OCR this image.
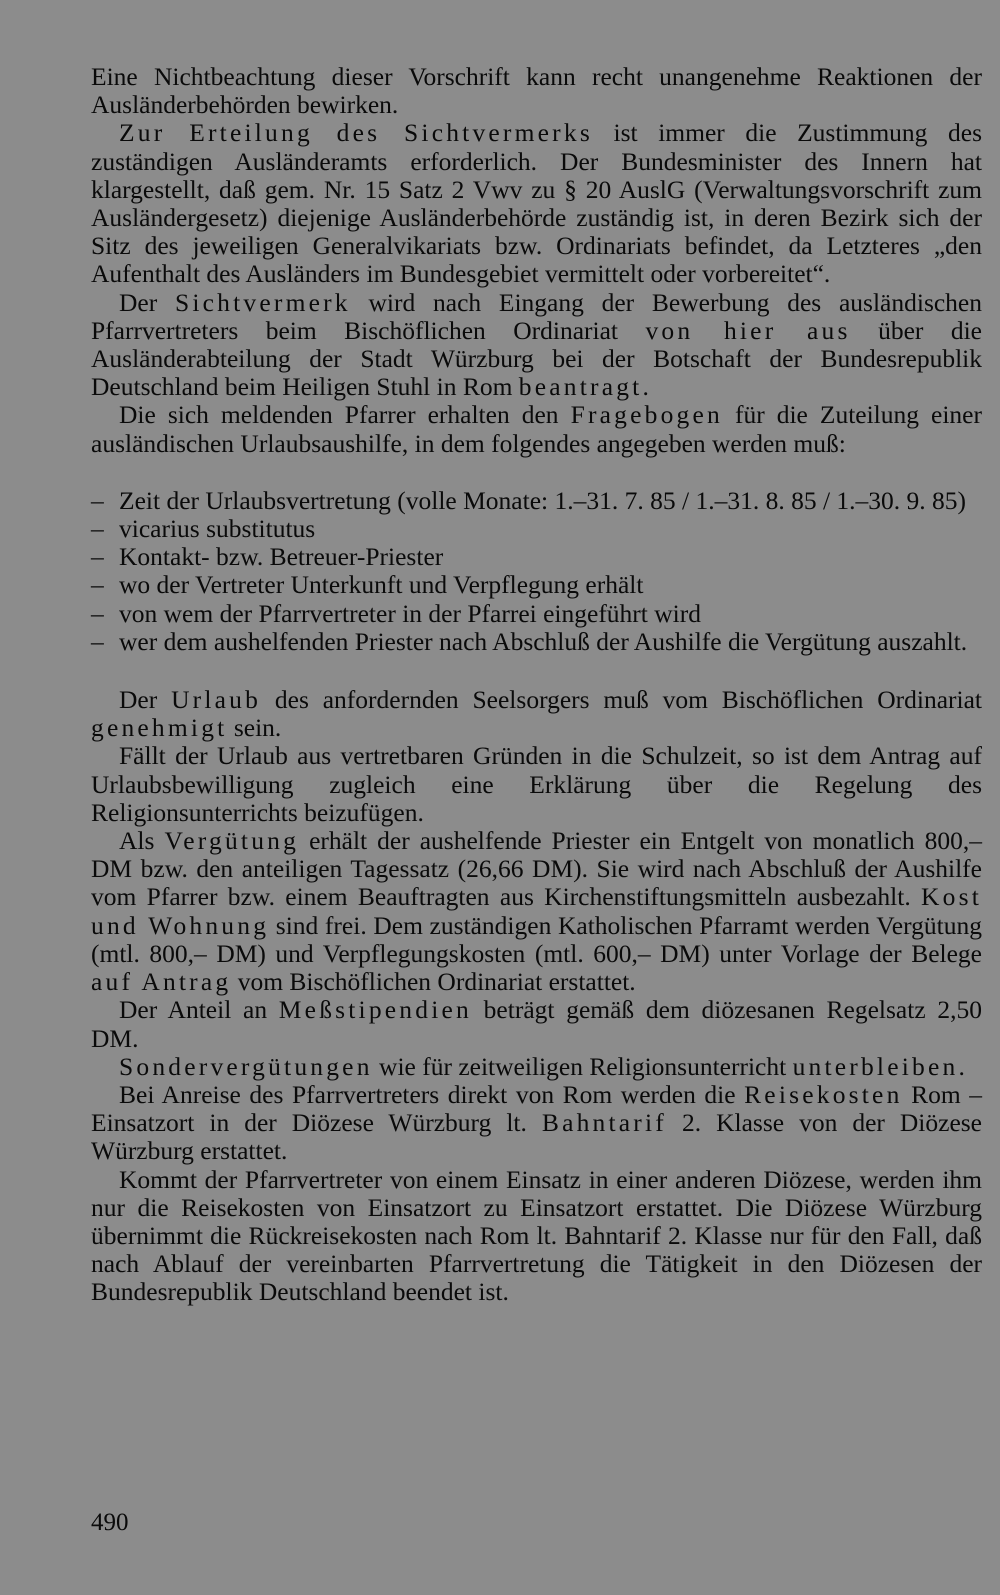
Eine Nichtbeachtung dieser Vorschrift kann recht unangenehme Reaktionen der Ausländerbehörden bewirken.

Zur Erteilung des Sichtvermerks ist immer die Zustimmung des zuständigen Ausländeramts erforderlich. Der Bundesminister des Innern hat klargestellt, daß gem. Nr. 15 Satz 2 Vwv zu § 20 AuslG (Verwaltungsvorschrift zum Ausländergesetz) diejenige Ausländerbehörde zuständig ist, in deren Bezirk sich der Sitz des jeweiligen Generalvikariats bzw. Ordinariats befindet, da Letzteres „den Aufenthalt des Ausländers im Bundesgebiet vermittelt oder vorbereitet“.

Der Sichtvermerk wird nach Eingang der Bewerbung des ausländischen Pfarrvertreters beim Bischöflichen Ordinariat von hier aus über die Ausländerabteilung der Stadt Würzburg bei der Botschaft der Bundesrepublik Deutschland beim Heiligen Stuhl in Rom beantragt.

Die sich meldenden Pfarrer erhalten den Fragebogen für die Zuteilung einer ausländischen Urlaubsaushilfe, in dem folgendes angegeben werden muß:

– Zeit der Urlaubsvertretung (volle Monate: 1.–31. 7. 85 / 1.–31. 8. 85 / 1.–30. 9. 85)
– vicarius substitutus
– Kontakt- bzw. Betreuer-Priester
– wo der Vertreter Unterkunft und Verpflegung erhält
– von wem der Pfarrvertreter in der Pfarrei eingeführt wird
– wer dem aushelfenden Priester nach Abschluß der Aushilfe die Vergütung auszahlt.

Der Urlaub des anfordernden Seelsorgers muß vom Bischöflichen Ordinariat genehmigt sein.

Fällt der Urlaub aus vertretbaren Gründen in die Schulzeit, so ist dem Antrag auf Urlaubsbewilligung zugleich eine Erklärung über die Regelung des Religionsunterrichts beizufügen.

Als Vergütung erhält der aushelfende Priester ein Entgelt von monatlich 800,– DM bzw. den anteiligen Tagessatz (26,66 DM). Sie wird nach Abschluß der Aushilfe vom Pfarrer bzw. einem Beauftragten aus Kirchenstiftungsmitteln ausbezahlt. Kost und Wohnung sind frei. Dem zuständigen Katholischen Pfarramt werden Vergütung (mtl. 800,– DM) und Verpflegungskosten (mtl. 600,– DM) unter Vorlage der Belege auf Antrag vom Bischöflichen Ordinariat erstattet.

Der Anteil an Meßstipendien beträgt gemäß dem diözesanen Regelsatz 2,50 DM.

Sondervergütungen wie für zeitweiligen Religionsunterricht unterbleiben.

Bei Anreise des Pfarrvertreters direkt von Rom werden die Reisekosten Rom – Einsatzort in der Diözese Würzburg lt. Bahntarif 2. Klasse von der Diözese Würzburg erstattet.

Kommt der Pfarrvertreter von einem Einsatz in einer anderen Diözese, werden ihm nur die Reisekosten von Einsatzort zu Einsatzort erstattet. Die Diözese Würzburg übernimmt die Rückreisekosten nach Rom lt. Bahntarif 2. Klasse nur für den Fall, daß nach Ablauf der vereinbarten Pfarrvertretung die Tätigkeit in den Diözesen der Bundesrepublik Deutschland beendet ist.

490
